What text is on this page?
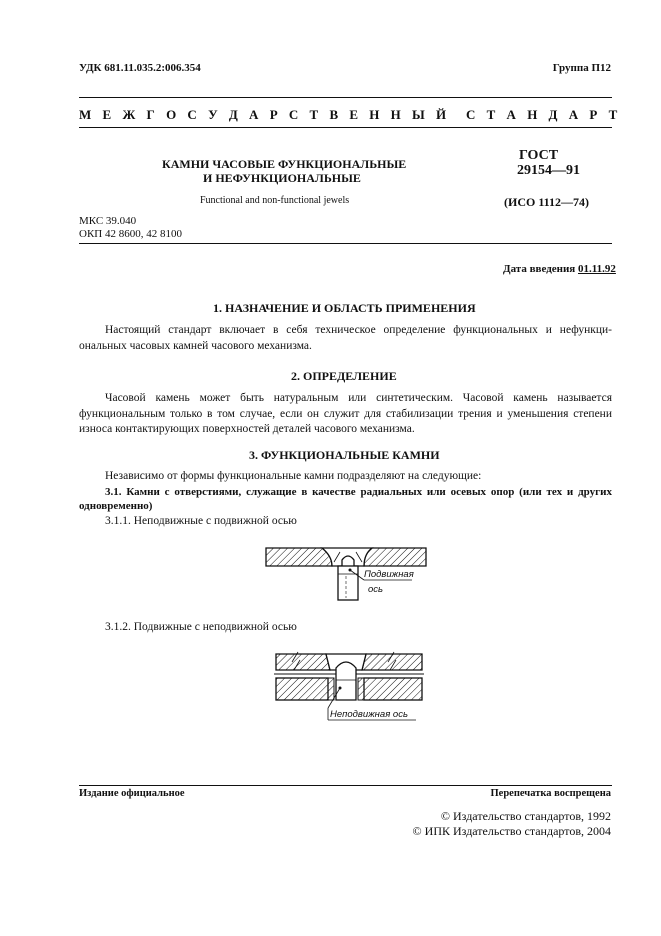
УДК 681.11.035.2:006.354	Группа П12
М Е Ж Г О С У Д А Р С Т В Е Н Н Ы Й С Т А Н Д А Р Т
КАМНИ ЧАСОВЫЕ ФУНКЦИОНАЛЬНЫЕ
И НЕФУНКЦИОНАЛЬНЫЕ
Functional and non-functional jewels
ГОСТ
29154—91
(ИСО 1112—74)
МКС 39.040
ОКП 42 8600, 42 8100
Дата введения 01.11.92
1. НАЗНАЧЕНИЕ И ОБЛАСТЬ ПРИМЕНЕНИЯ
Настоящий стандарт включает в себя техническое определение функциональных и нефункци- ональных часовых камней часового механизма.
2. ОПРЕДЕЛЕНИЕ
Часовой камень может быть натуральным или синтетическим. Часовой камень называется функциональным только в том случае, если он служит для стабилизации трения и уменьшения степени износа контактирующих поверхностей деталей часового механизма.
3. ФУНКЦИОНАЛЬНЫЕ КАМНИ
Независимо от формы функциональные камни подразделяют на следующие:
3.1. Камни с отверстиями, служащие в качестве радиальных или осевых опор (или тех и других одновременно)
3.1.1. Неподвижные с подвижной осью
Подвижная
ось
3.1.2. Подвижные с неподвижной осью
Неподвижная ось
Издание официальное	Перепечатка воспрещена
© Издательство стандартов, 1992
© ИПК Издательство стандартов, 2004
